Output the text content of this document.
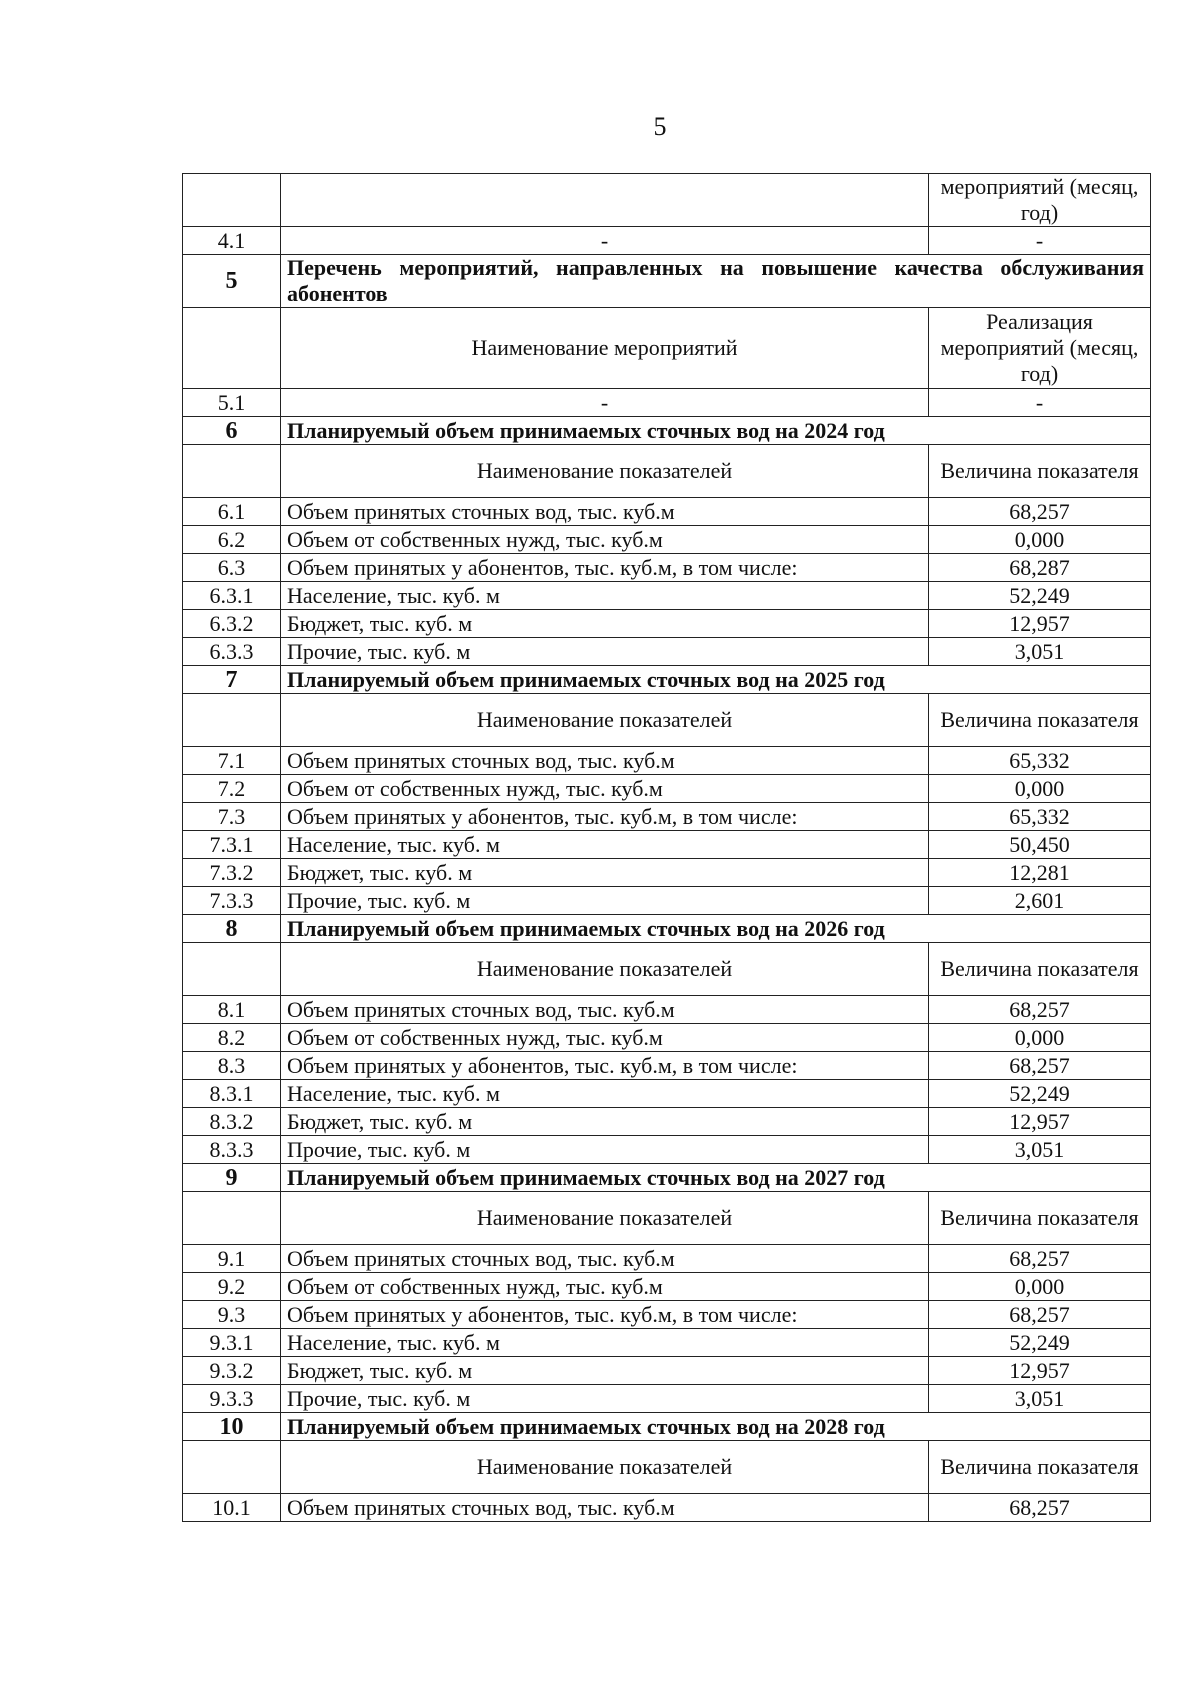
5
		мероприятий (месяц, год)
4.1	-	-
5	Перечень мероприятий, направленных на повышение качества обслуживания абонентов	
	Наименование мероприятий	Реализация мероприятий (месяц, год)
5.1	-	-
6	Планируемый объем принимаемых сточных вод на 2024 год	
	Наименование показателей	Величина показателя
6.1	Объем принятых сточных вод, тыс. куб.м	68,257
6.2	Объем от собственных нужд, тыс. куб.м	0,000
6.3	Объем принятых у абонентов, тыс. куб.м, в том числе:	68,287
6.3.1	Население, тыс. куб. м	52,249
6.3.2	Бюджет, тыс. куб. м	12,957
6.3.3	Прочие, тыс. куб. м	3,051
7	Планируемый объем принимаемых сточных вод на 2025 год	
	Наименование показателей	Величина показателя
7.1	Объем принятых сточных вод, тыс. куб.м	65,332
7.2	Объем от собственных нужд, тыс. куб.м	0,000
7.3	Объем принятых у абонентов, тыс. куб.м, в том числе:	65,332
7.3.1	Население, тыс. куб. м	50,450
7.3.2	Бюджет, тыс. куб. м	12,281
7.3.3	Прочие, тыс. куб. м	2,601
8	Планируемый объем принимаемых сточных вод на 2026 год	
	Наименование показателей	Величина показателя
8.1	Объем принятых сточных вод, тыс. куб.м	68,257
8.2	Объем от собственных нужд, тыс. куб.м	0,000
8.3	Объем принятых у абонентов, тыс. куб.м, в том числе:	68,257
8.3.1	Население, тыс. куб. м	52,249
8.3.2	Бюджет, тыс. куб. м	12,957
8.3.3	Прочие, тыс. куб. м	3,051
9	Планируемый объем принимаемых сточных вод на 2027 год	
	Наименование показателей	Величина показателя
9.1	Объем принятых сточных вод, тыс. куб.м	68,257
9.2	Объем от собственных нужд, тыс. куб.м	0,000
9.3	Объем принятых у абонентов, тыс. куб.м, в том числе:	68,257
9.3.1	Население, тыс. куб. м	52,249
9.3.2	Бюджет, тыс. куб. м	12,957
9.3.3	Прочие, тыс. куб. м	3,051
10	Планируемый объем принимаемых сточных вод на 2028 год	
	Наименование показателей	Величина показателя
10.1	Объем принятых сточных вод, тыс. куб.м	68,257
